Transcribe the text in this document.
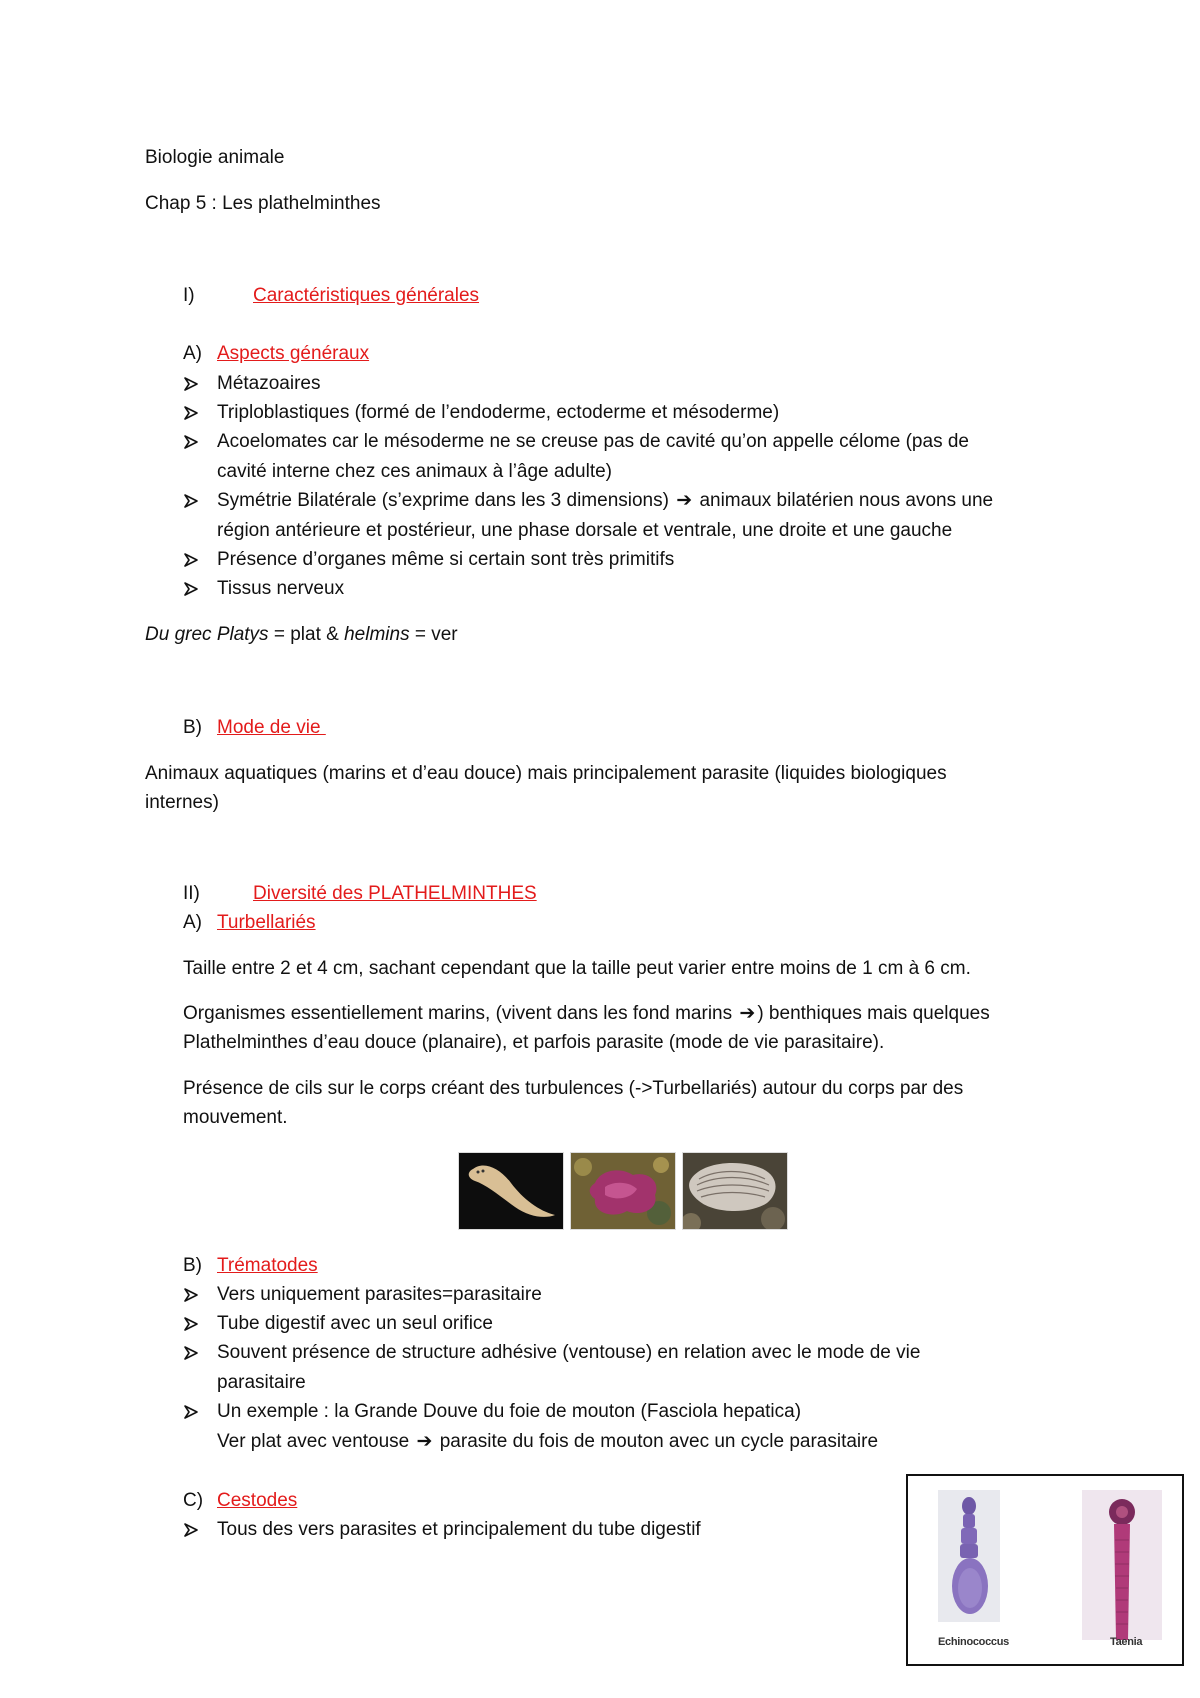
Biologie animale
Chap 5 : Les plathelminthes
I)	Caractéristiques générales
A) Aspects généraux
Métazoaires
Triploblastiques (formé de l’endoderme, ectoderme et mésoderme)
Acoelomates car le mésoderme ne se creuse pas de cavité qu’on appelle célome (pas de
cavité interne chez ces animaux à l’âge adulte)
Symétrie Bilatérale (s’exprime dans les 3 dimensions) ➔ animaux bilatérien nous avons une
région antérieure et postérieur, une phase dorsale et ventrale, une droite et une gauche
Présence d’organes même si certain sont très primitifs
Tissus nerveux
Du grec Platys = plat & helmins = ver
B) Mode de vie
Animaux aquatiques (marins et d’eau douce) mais principalement parasite (liquides biologiques
internes)
II)	Diversité des PLATHELMINTHES
A) Turbellariés
Taille entre 2 et 4 cm, sachant cependant que la taille peut varier entre moins de 1 cm à 6 cm.
Organismes essentiellement marins, (vivent dans les fond marins ➔ ) benthiques mais quelques
Plathelminthes d’eau douce (planaire), et parfois parasite (mode de vie parasitaire).
Présence de cils sur le corps créant des turbulences (->Turbellariés) autour du corps par des
mouvement.
B) Trématodes
Vers uniquement parasites=parasitaire
Tube digestif avec un seul orifice
Souvent présence de structure adhésive (ventouse) en relation avec le mode de vie
parasitaire
Un exemple : la Grande Douve du foie de mouton (Fasciola hepatica)
Ver plat avec ventouse ➔ parasite du fois de mouton avec un cycle parasitaire
C) Cestodes
Tous des vers parasites et principalement du tube digestif
Echinococcus	Taenia
